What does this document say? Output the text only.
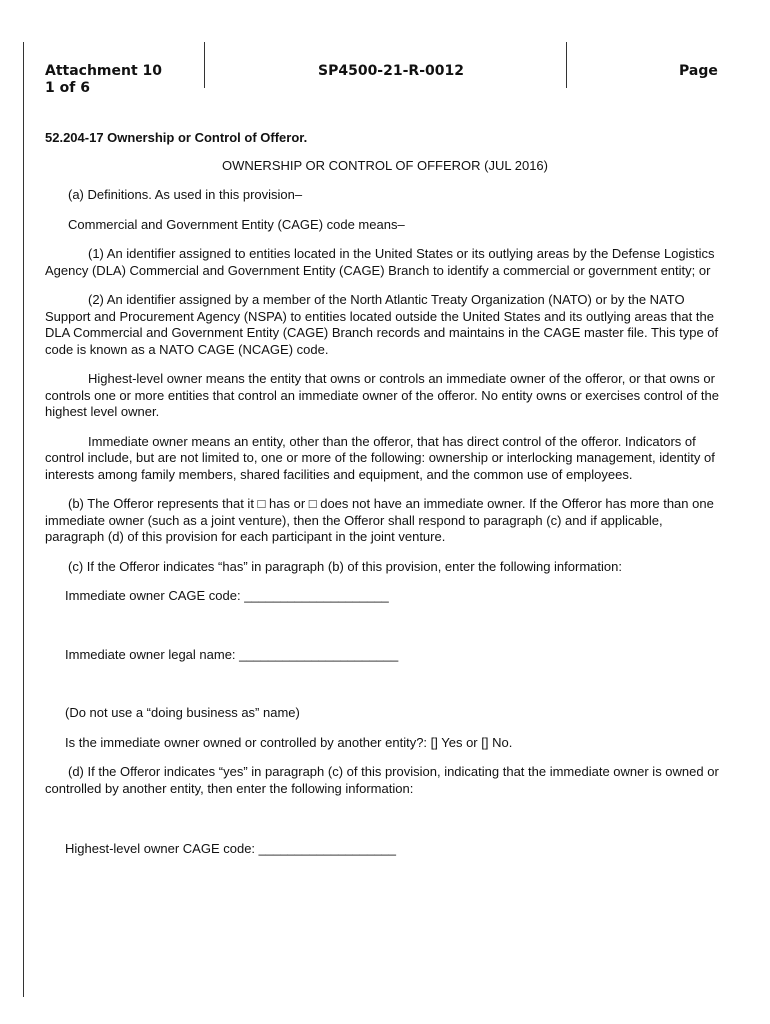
Attachment 10
1 of 6
SP4500-21-R-0012	Page

52.204-17 Ownership or Control of Offeror.

OWNERSHIP OR CONTROL OF OFFEROR (JUL 2016)

(a) Definitions. As used in this provision–

Commercial and Government Entity (CAGE) code means–

(1) An identifier assigned to entities located in the United States or its outlying areas by the Defense Logistics Agency (DLA) Commercial and Government Entity (CAGE) Branch to identify a commercial or government entity; or

(2) An identifier assigned by a member of the North Atlantic Treaty Organization (NATO) or by the NATO Support and Procurement Agency (NSPA) to entities located outside the United States and its outlying areas that the DLA Commercial and Government Entity (CAGE) Branch records and maintains in the CAGE master file. This type of code is known as a NATO CAGE (NCAGE) code.

Highest-level owner means the entity that owns or controls an immediate owner of the offeror, or that owns or controls one or more entities that control an immediate owner of the offeror. No entity owns or exercises control of the highest level owner.

Immediate owner means an entity, other than the offeror, that has direct control of the offeror. Indicators of control include, but are not limited to, one or more of the following: ownership or interlocking management, identity of interests among family members, shared facilities and equipment, and the common use of employees.

(b) The Offeror represents that it □ has or □ does not have an immediate owner. If the Offeror has more than one immediate owner (such as a joint venture), then the Offeror shall respond to paragraph (c) and if applicable, paragraph (d) of this provision for each participant in the joint venture.

(c) If the Offeror indicates “has” in paragraph (b) of this provision, enter the following information:

Immediate owner CAGE code: ____________________

Immediate owner legal name: ______________________

(Do not use a “doing business as” name)

Is the immediate owner owned or controlled by another entity?: [] Yes or [] No.

(d) If the Offeror indicates “yes” in paragraph (c) of this provision, indicating that the immediate owner is owned or controlled by another entity, then enter the following information:

Highest-level owner CAGE code: ___________________
